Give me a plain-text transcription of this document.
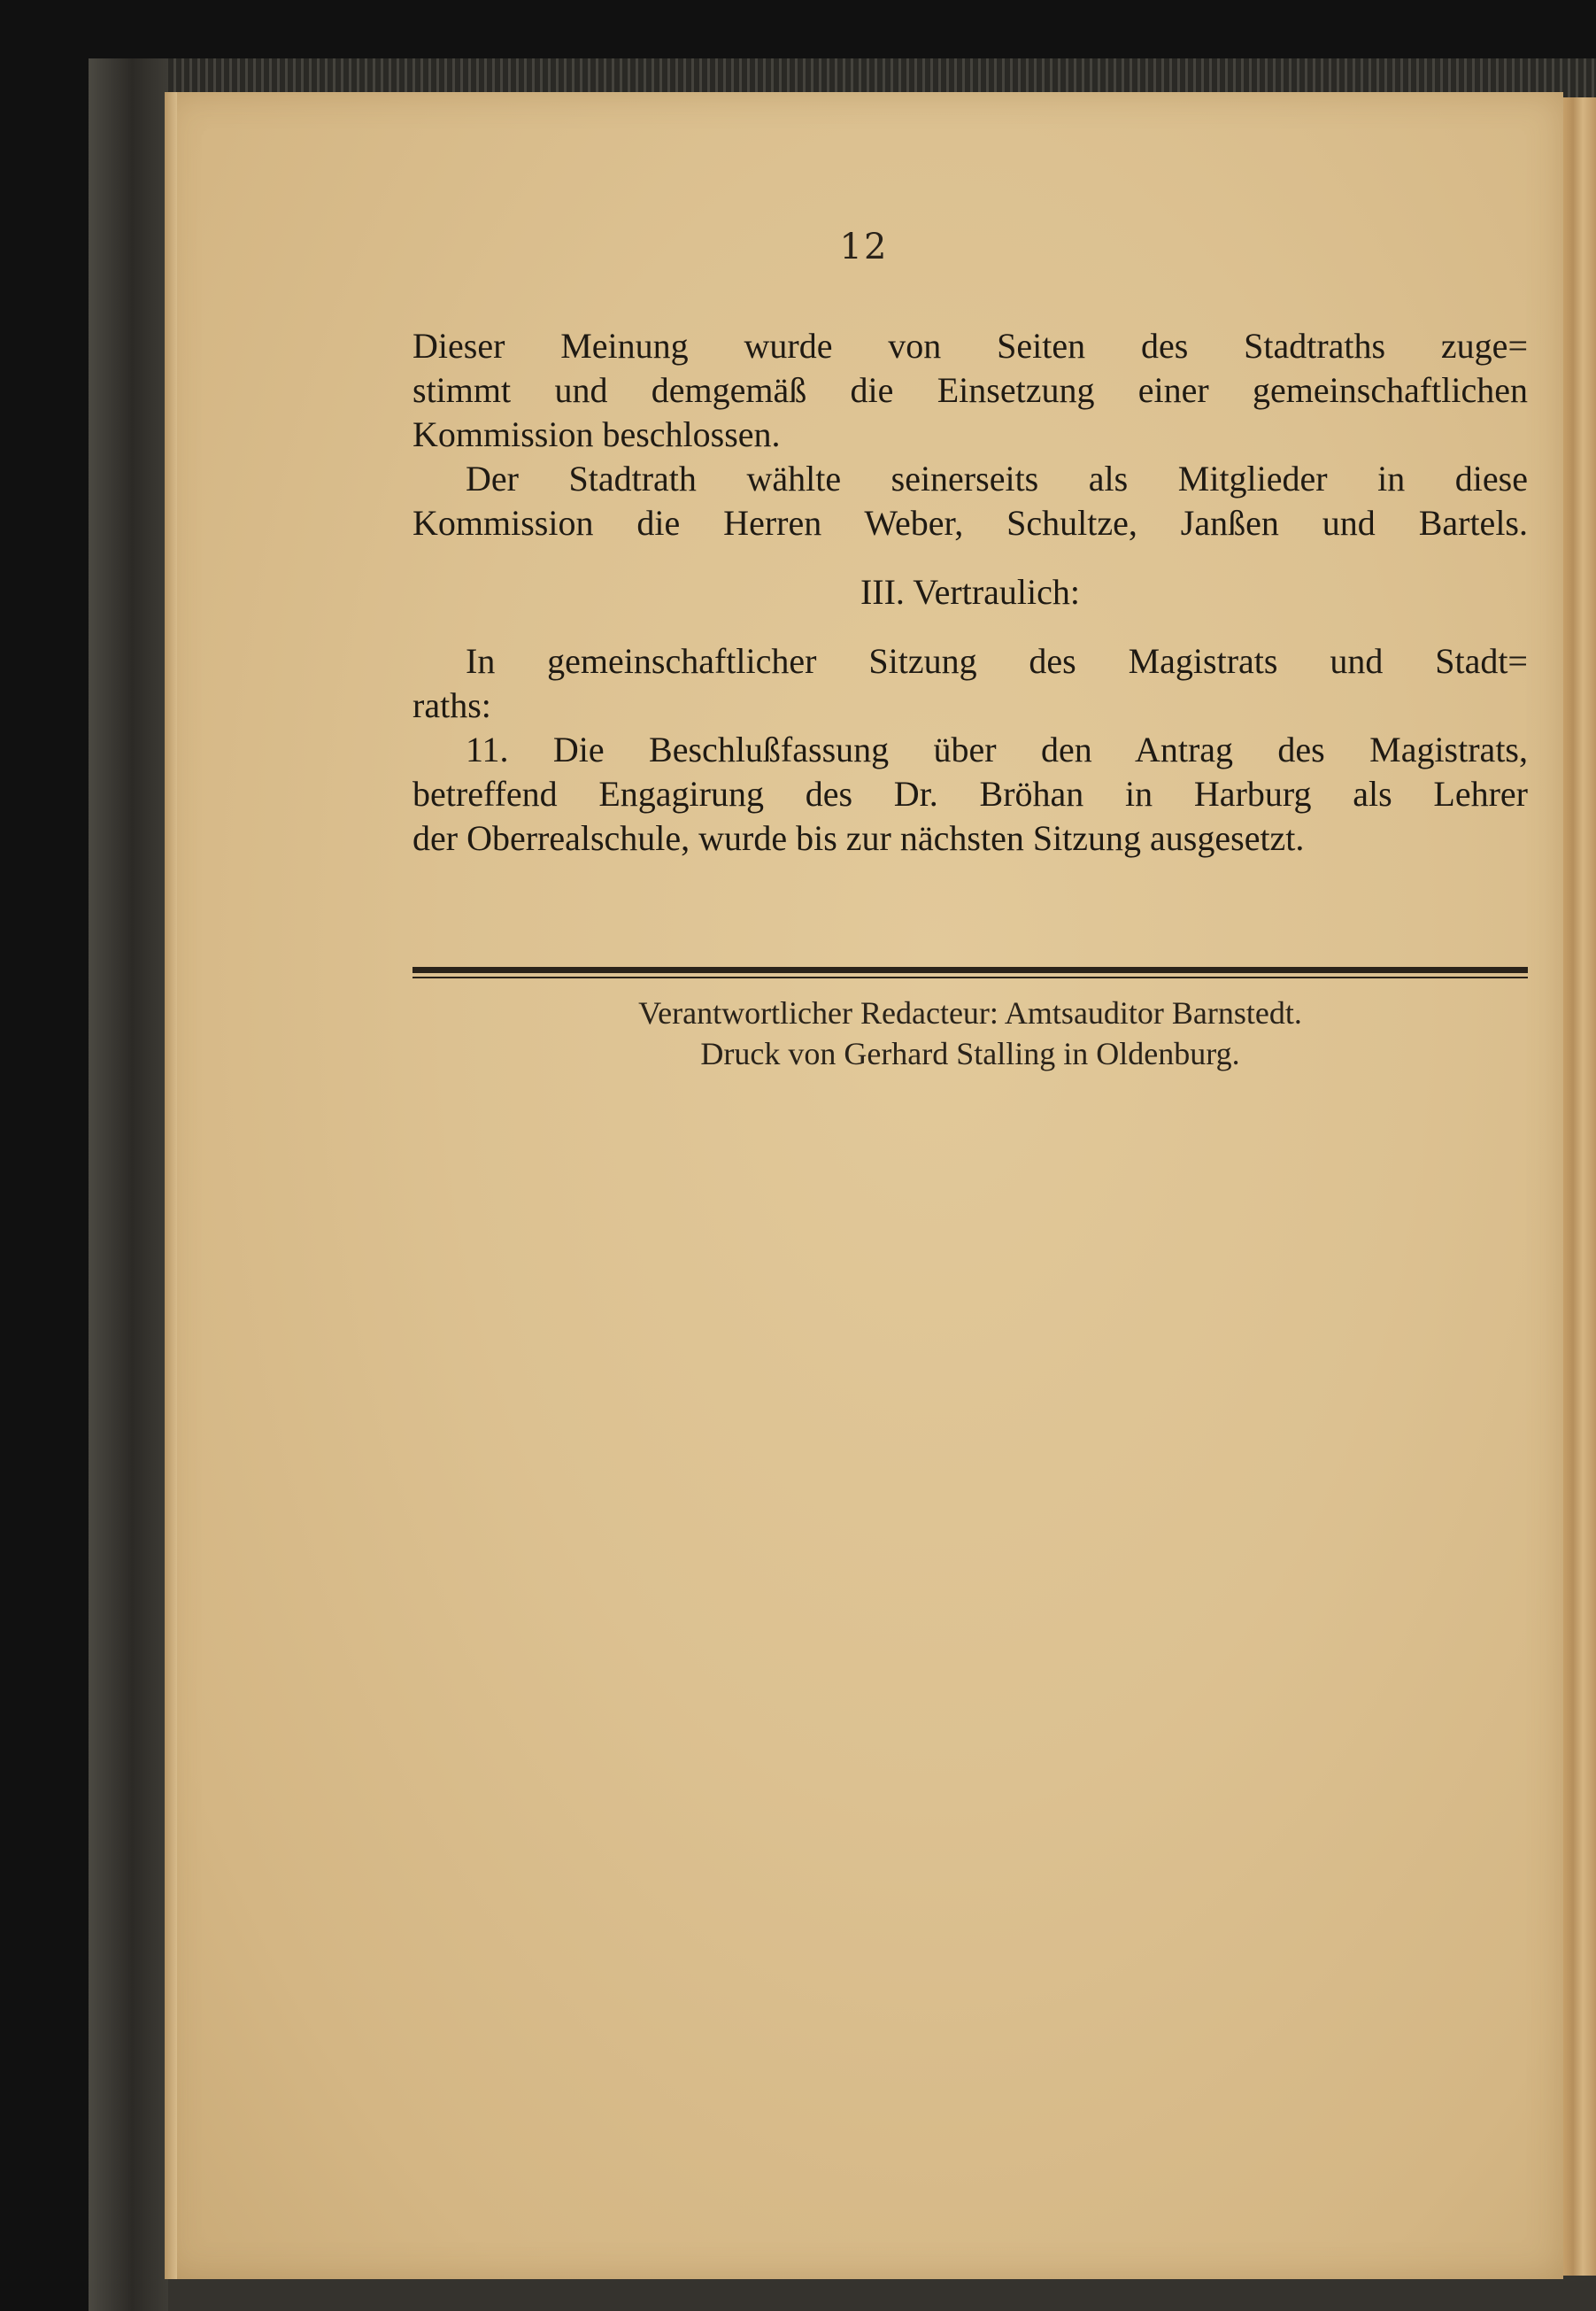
12
Dieser Meinung wurde von Seiten des Stadtraths zuge=
stimmt und demgemäß die Einsetzung einer gemeinschaftlichen
Kommission beschlossen.
Der Stadtrath wählte seinerseits als Mitglieder in diese
Kommission die Herren Weber, Schultze, Janßen und Bartels.
III. Vertraulich:
In gemeinschaftlicher Sitzung des Magistrats und Stadt=
raths:
11. Die Beschlußfassung über den Antrag des Magistrats,
betreffend Engagirung des Dr. Bröhan in Harburg als Lehrer
der Oberrealschule, wurde bis zur nächsten Sitzung ausgesetzt.
Verantwortlicher Redacteur: Amtsauditor Barnstedt.
Druck von Gerhard Stalling in Oldenburg.
